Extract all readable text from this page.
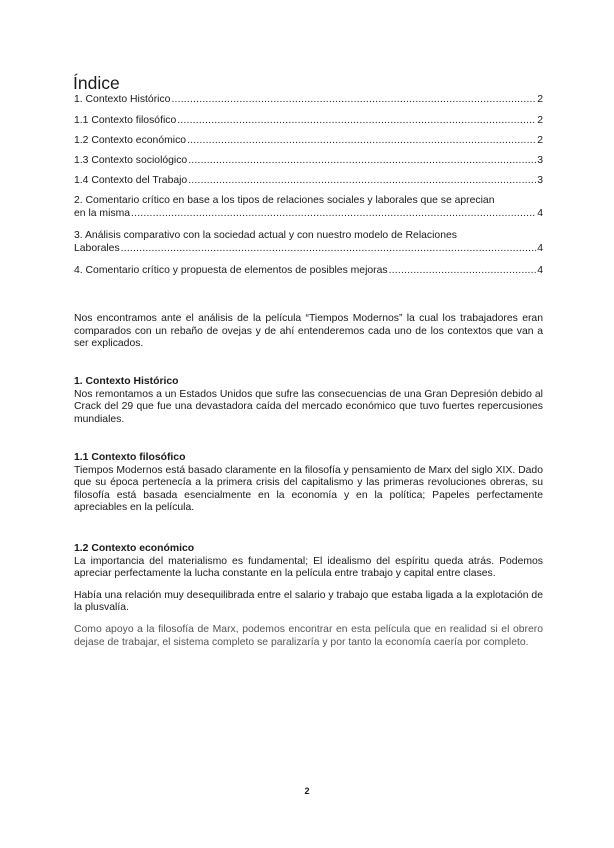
Índice
1. Contexto Histórico .....	2
1.1 Contexto filosófico .....	2
1.2 Contexto económico .....	2
1.3 Contexto sociológico .....	3
1.4 Contexto del Trabajo .....	3
2. Comentario crítico en base a los tipos de relaciones sociales y laborales que se aprecian
en la misma .....	4
3. Análisis comparativo con la sociedad actual y con nuestro modelo de Relaciones
Laborales .....	4
4. Comentario crítico y propuesta de elementos de posibles mejoras .....	4

Nos encontramos ante el análisis de la película “Tiempos Modernos” la cual los trabajadores eran comparados con un rebaño de ovejas y de ahí entenderemos cada uno de los contextos que van a ser explicados.

1. Contexto Histórico

Nos remontamos a un Estados Unidos que sufre las consecuencias de una Gran Depresión debido al Crack del 29 que fue una devastadora caída del mercado económico que tuvo fuertes repercusiones mundiales.

1.1 Contexto filosófico

Tiempos Modernos está basado claramente en la filosofía y pensamiento de Marx del siglo XIX. Dado que su época pertenecía a la primera crisis del capitalismo y las primeras revoluciones obreras, su filosofía está basada esencialmente en la economía y en la política; Papeles perfectamente apreciables en la película.

1.2 Contexto económico

La importancia del materialismo es fundamental; El idealismo del espíritu queda atrás. Podemos apreciar perfectamente la lucha constante en la película entre trabajo y capital entre clases.

Había una relación muy desequilibrada entre el salario y trabajo que estaba ligada a la explotación de la plusvalía.

Como apoyo a la filosofía de Marx, podemos encontrar en esta película que en realidad si el obrero dejase de trabajar, el sistema completo se paralizaría y por tanto la economía caería por completo.

2
